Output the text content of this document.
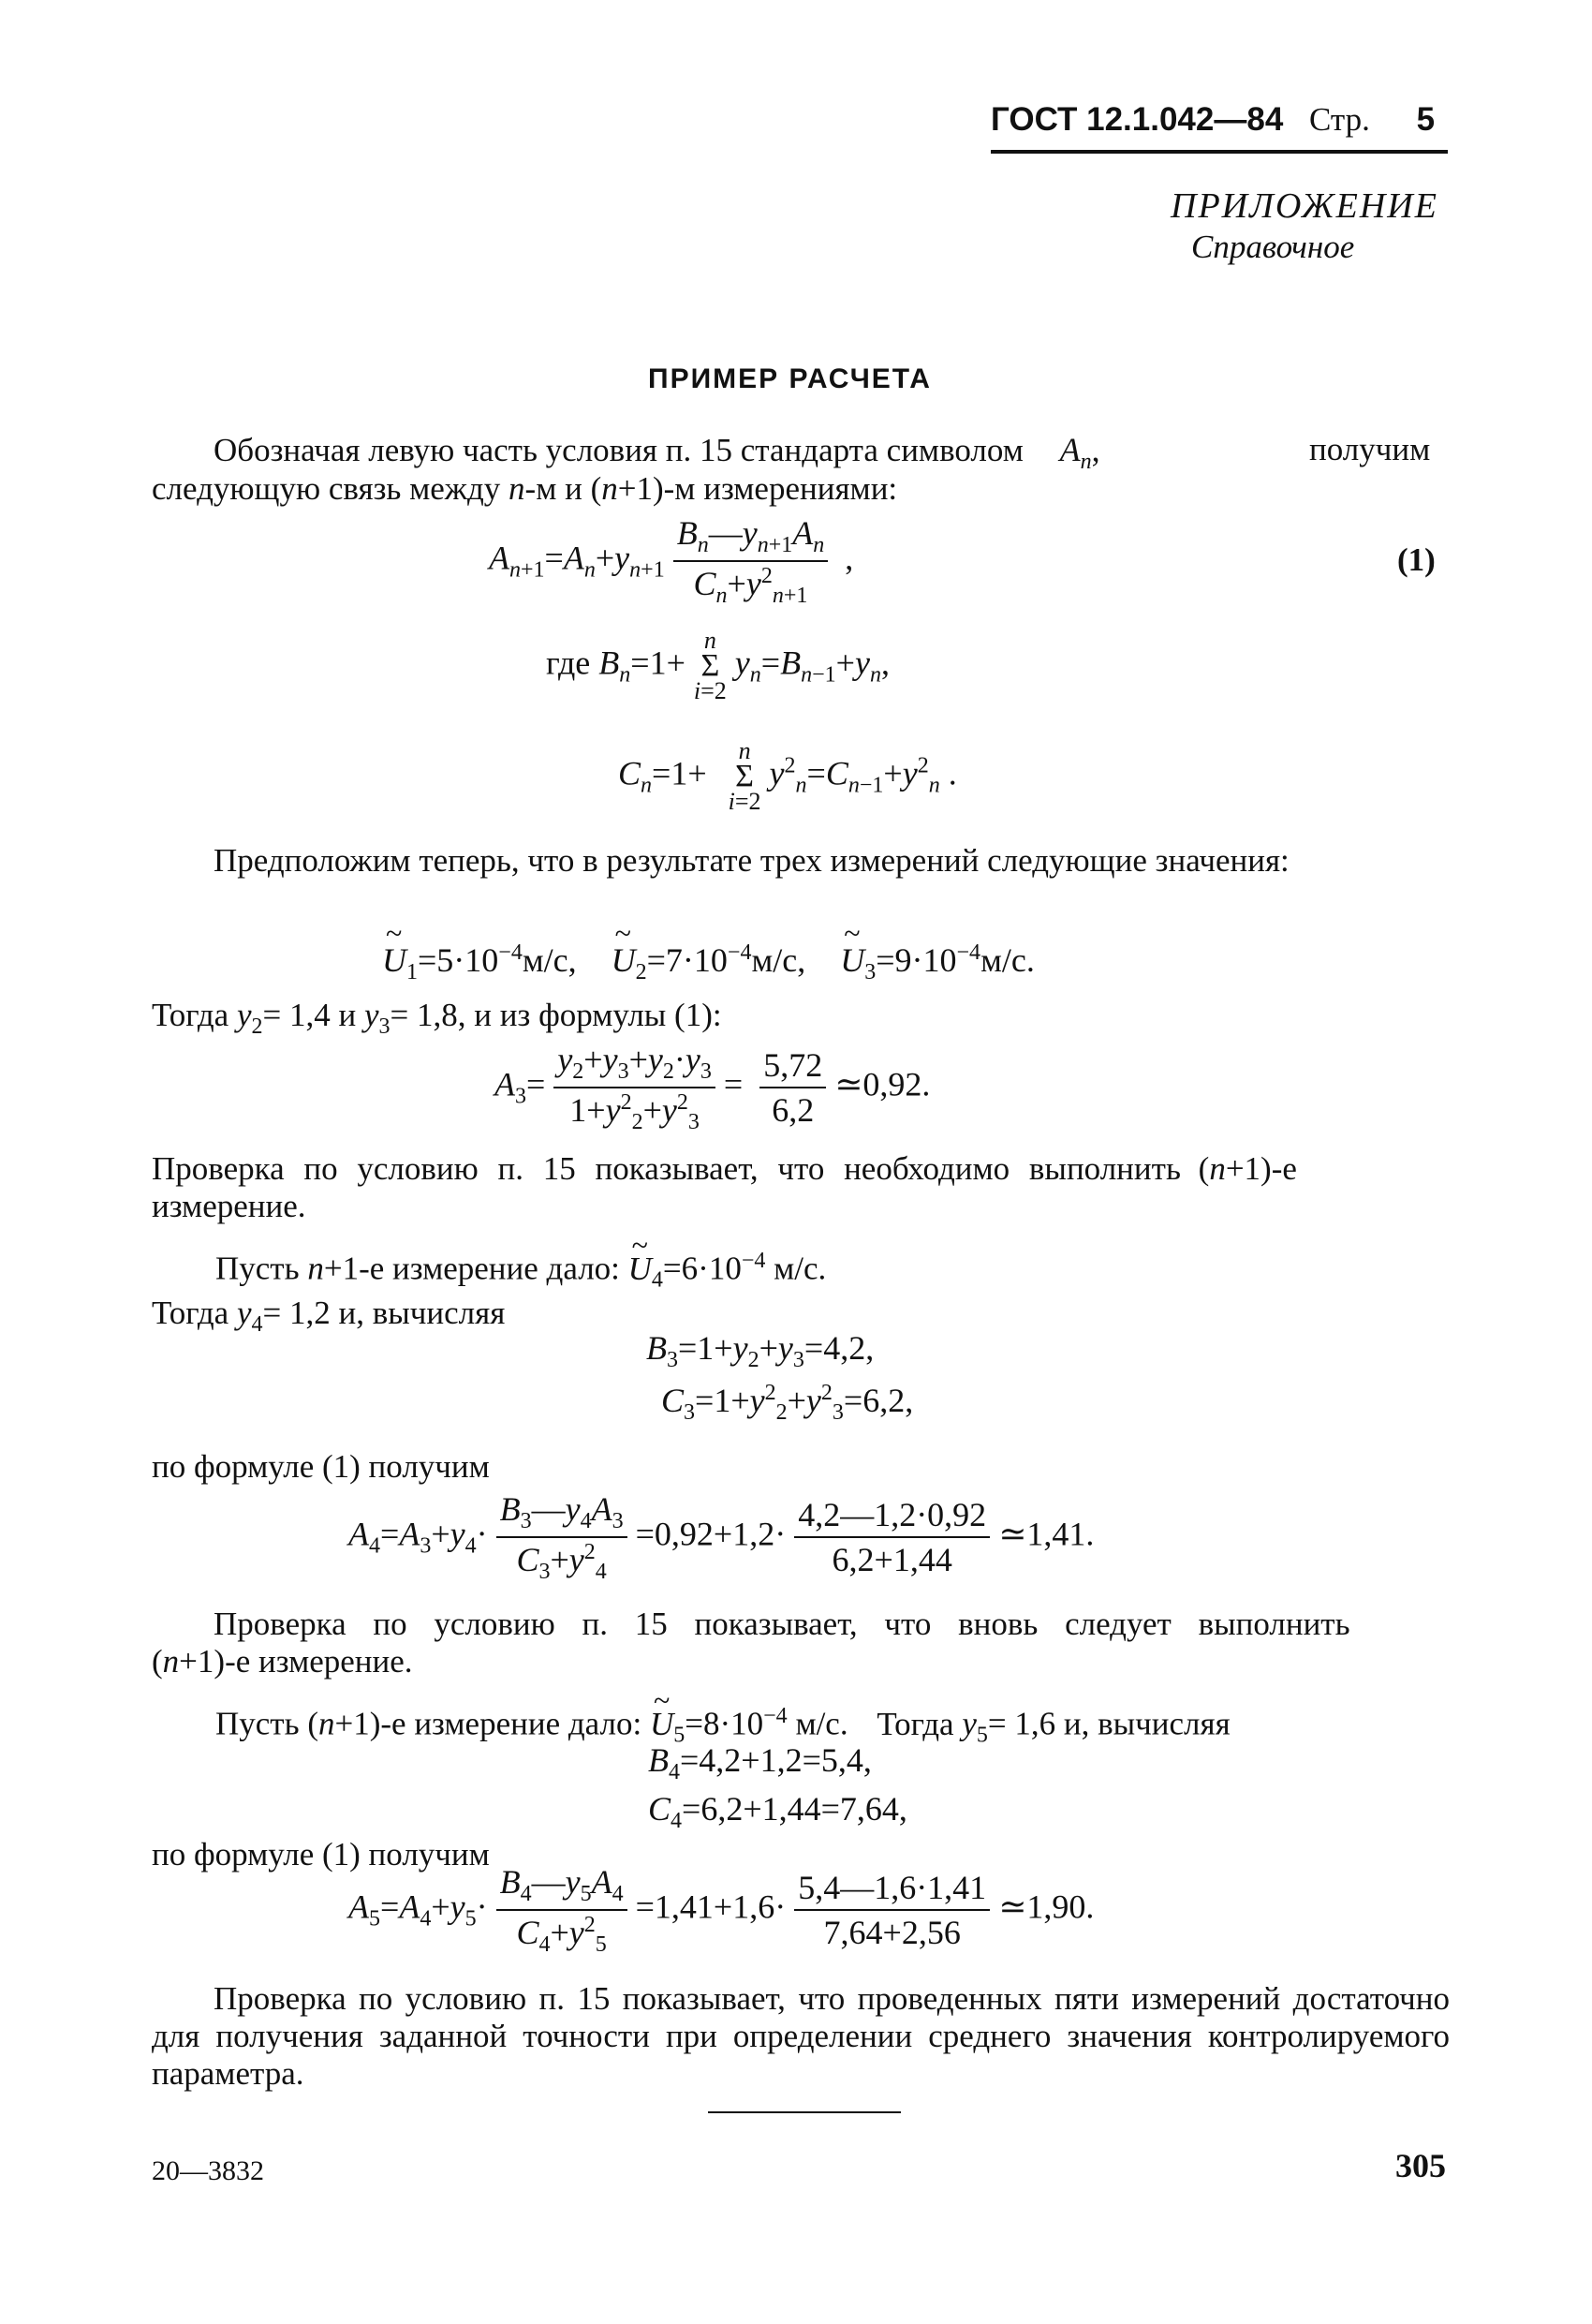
ГОСТ 12.1.042—84 Стр. 5
ПРИЛОЖЕНИЕ
Справочное
ПРИМЕР РАСЧЕТА
Обозначая левую часть условия п. 15 стандарта символом $A_n$,	получим
следующую связь между n-м и (n+1)-м измерениями:
$A_{n+1}=A_n+y_{n+1} \frac{B_n—y_{n+1}A_n}{C_n+y^2_{n+1}}$ ,	(1)
где $B_n=1+ n$
Σ
i=2 $y_n=B_{n-1}+y_n$,
$C_n=1+ n$
Σ
i=2 $y^2_n=C_{n-1}+y^2_n$ .
Предположим теперь, что в результате трех измерений следующие значения:
~ $U_1=5\cdot 10^{-4}м/с$, ~ $U_2=7\cdot 10^{-4}м/с$, ~ $U_3=9\cdot 10^{-4}м/с$.
Тогда $y_2= 1,4$ и $y_3= 1,8$, и из формулы (1):
$A_3= \frac{y_2+y_3+y_2\cdot y_3}{1+y^2_2+y^2_3} = \frac{5,72}{6,2}$ ≃0,92.
Проверка по условию п. 15 показывает, что необходимо выполнить (n+1)-е
измерение.
Пусть n+1-е измерение дало: ~ $U_4=6\cdot 10^{-4}$ м/с.
Тогда $y_4= 1,2$ и, вычисляя
$B_3=1+y_2+y_3=4,2$,
$C_3=1+y^2_2+y^2_3=6,2$,
по формуле (1) получим
$A_4=A_3+y_4\cdot \frac{B_3—y_4A_3}{C_3+y^2_4} =0,92+1,2\cdot \frac{4,2—1,2\cdot 0,92}{6,2+1,44}$ ≃1,41.
Проверка по условию п. 15 показывает, что вновь следует выполнить
(n+1)-е измерение.
Пусть (n+1)-е измерение дало: ~ $U_5=8\cdot 10^{-4}$ м/с. Тогда $y_5= 1,6$ и, вычисляя
$B_4=4,2+1,2=5,4$,
$C_4=6,2+1,44=7,64$,
по формуле (1) получим
$A_5=A_4+y_5\cdot \frac{B_4—y_5A_4}{C_4+y^2_5} =1,41+1,6\cdot \frac{5,4—1,6\cdot 1,41}{7,64+2,56}$ ≃1,90.
Проверка по условию п. 15 показывает, что проведенных пяти измерений достаточно для получения заданной точности при определении среднего значения контролируемого параметра.
20—3832	305
